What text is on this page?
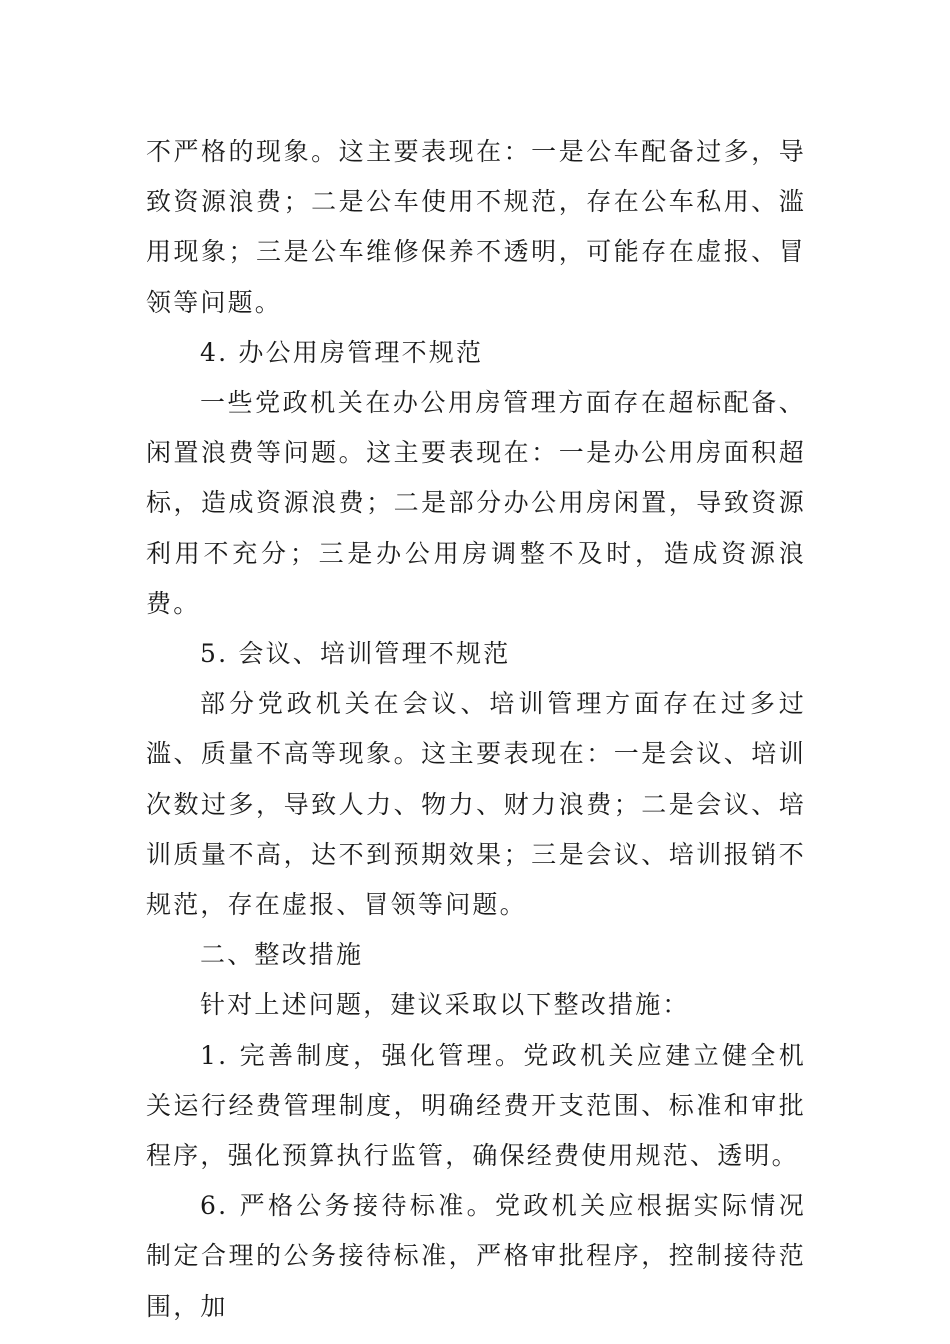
不严格的现象。这主要表现在：一是公车配备过多，导致资源浪费；二是公车使用不规范，存在公车私用、滥用现象；三是公车维修保养不透明，可能存在虚报、冒领等问题。

4. 办公用房管理不规范

一些党政机关在办公用房管理方面存在超标配备、闲置浪费等问题。这主要表现在：一是办公用房面积超标，造成资源浪费；二是部分办公用房闲置，导致资源利用不充分；三是办公用房调整不及时，造成资源浪费。

5. 会议、培训管理不规范

部分党政机关在会议、培训管理方面存在过多过滥、质量不高等现象。这主要表现在：一是会议、培训次数过多，导致人力、物力、财力浪费；二是会议、培训质量不高，达不到预期效果；三是会议、培训报销不规范，存在虚报、冒领等问题。

二、整改措施

针对上述问题，建议采取以下整改措施：

1. 完善制度，强化管理。党政机关应建立健全机关运行经费管理制度，明确经费开支范围、标准和审批程序，强化预算执行监管，确保经费使用规范、透明。

6. 严格公务接待标准。党政机关应根据实际情况制定合理的公务接待标准，严格审批程序，控制接待范围，加
